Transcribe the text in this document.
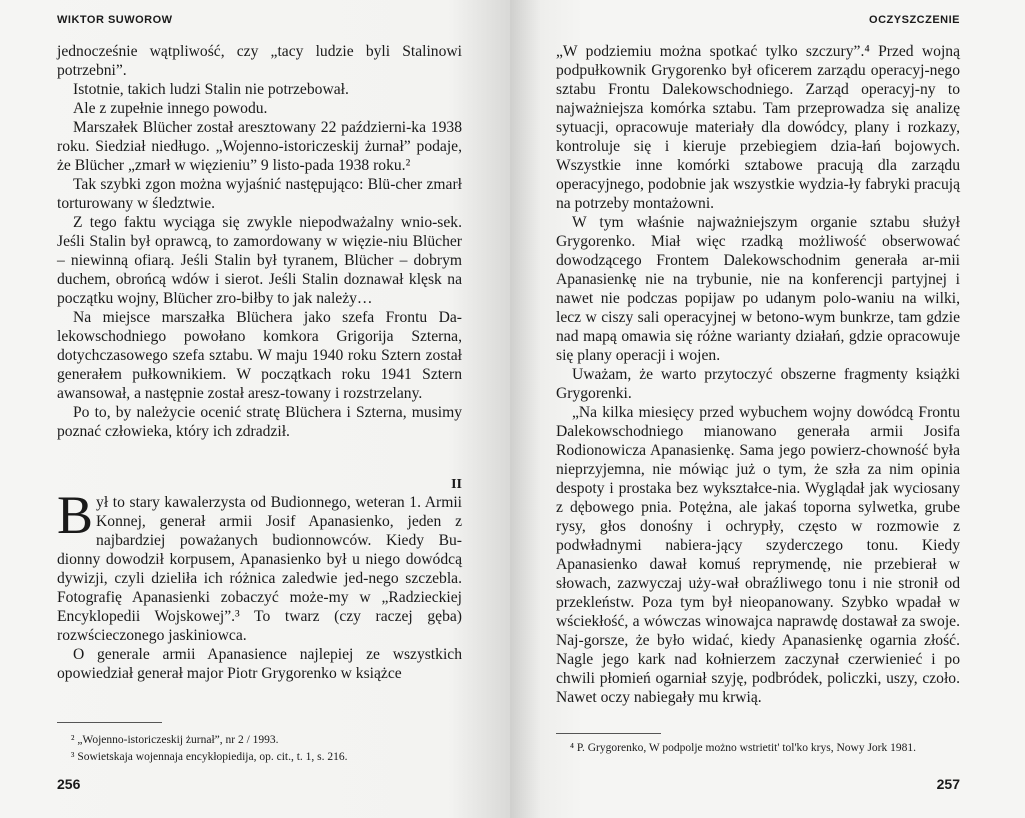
WIKTOR SUWOROW

jednocześnie wątpliwość, czy „tacy ludzie byli Stalinowi potrzebni”.

Istotnie, takich ludzi Stalin nie potrzebował.

Ale z zupełnie innego powodu.

Marszałek Blücher został aresztowany 22 październi-ka 1938 roku. Siedział niedługo. „Wojenno-istoriczeskij żurnał” podaje, że Blücher „zmarł w więzieniu” 9 listo-pada 1938 roku.²

Tak szybki zgon można wyjaśnić następująco: Blü-cher zmarł torturowany w śledztwie.

Z tego faktu wyciąga się zwykle niepodważalny wnio-sek. Jeśli Stalin był oprawcą, to zamordowany w więzie-niu Blücher – niewinną ofiarą. Jeśli Stalin był tyranem, Blücher – dobrym duchem, obrońcą wdów i sierot. Jeśli Stalin doznawał klęsk na początku wojny, Blücher zro-biłby to jak należy…

Na miejsce marszałka Blüchera jako szefa Frontu Da-lekowschodniego powołano komkora Grigorija Szterna, dotychczasowego szefa sztabu. W maju 1940 roku Sztern został generałem pułkownikiem. W początkach roku 1941 Sztern awansował, a następnie został aresz-towany i rozstrzelany.

Po to, by należycie ocenić stratę Blüchera i Szterna, musimy poznać człowieka, który ich zdradził.

II

Był to stary kawalerzysta od Budionnego, weteran 1. Armii Konnej, generał armii Josif Apanasienko, jeden z najbardziej poważanych budionnowców. Kiedy Bu-dionny dowodził korpusem, Apanasienko był u niego dowódcą dywizji, czyli dzieliła ich różnica zaledwie jed-nego szczebla. Fotografię Apanasienki zobaczyć może-my w „Radzieckiej Encyklopedii Wojskowej”.³ To twarz (czy raczej gęba) rozwścieczonego jaskiniowca.

O generale armii Apanasience najlepiej ze wszystkich opowiedział generał major Piotr Grygorenko w książce

² „Wojenno-istoriczeskij żurnał”, nr 2 / 1993.

³ Sowietskaja wojennaja encykłopiedija, op. cit., t. 1, s. 216.

256
OCZYSZCZENIE

„W podziemiu można spotkać tylko szczury”.⁴ Przed wojną podpułkownik Grygorenko był oficerem zarządu operacyj-nego sztabu Frontu Dalekowschodniego. Zarząd operacyj-ny to najważniejsza komórka sztabu. Tam przeprowadza się analizę sytuacji, opracowuje materiały dla dowódcy, plany i rozkazy, kontroluje się i kieruje przebiegiem dzia-łań bojowych. Wszystkie inne komórki sztabowe pracują dla zarządu operacyjnego, podobnie jak wszystkie wydzia-ły fabryki pracują na potrzeby montażowni.

W tym właśnie najważniejszym organie sztabu służył Grygorenko. Miał więc rzadką możliwość obserwować dowodzącego Frontem Dalekowschodnim generała ar-mii Apanasienkę nie na trybunie, nie na konferencji partyjnej i nawet nie podczas popijaw po udanym polo-waniu na wilki, lecz w ciszy sali operacyjnej w betono-wym bunkrze, tam gdzie nad mapą omawia się różne warianty działań, gdzie opracowuje się plany operacji i wojen.

Uważam, że warto przytoczyć obszerne fragmenty książki Grygorenki.

„Na kilka miesięcy przed wybuchem wojny dowódcą Frontu Dalekowschodniego mianowano generała armii Josifa Rodionowicza Apanasienkę. Sama jego powierz-chowność była nieprzyjemna, nie mówiąc już o tym, że szła za nim opinia despoty i prostaka bez wykształce-nia. Wyglądał jak wyciosany z dębowego pnia. Potężna, ale jakaś toporna sylwetka, grube rysy, głos donośny i ochrypły, często w rozmowie z podwładnymi nabiera-jący szyderczego tonu. Kiedy Apanasienko dawał komuś reprymendę, nie przebierał w słowach, zazwyczaj uży-wał obraźliwego tonu i nie stronił od przekleństw. Poza tym był nieopanowany. Szybko wpadał w wściekłość, a wówczas winowajca naprawdę dostawał za swoje. Naj-gorsze, że było widać, kiedy Apanasienkę ogarnia złość. Nagle jego kark nad kołnierzem zaczynał czerwienieć i po chwili płomień ogarniał szyję, podbródek, policzki, uszy, czoło. Nawet oczy nabiegały mu krwią.

⁴ P. Grygorenko, W podpolje możno wstrietit' tol'ko krys, Nowy Jork 1981.

257
